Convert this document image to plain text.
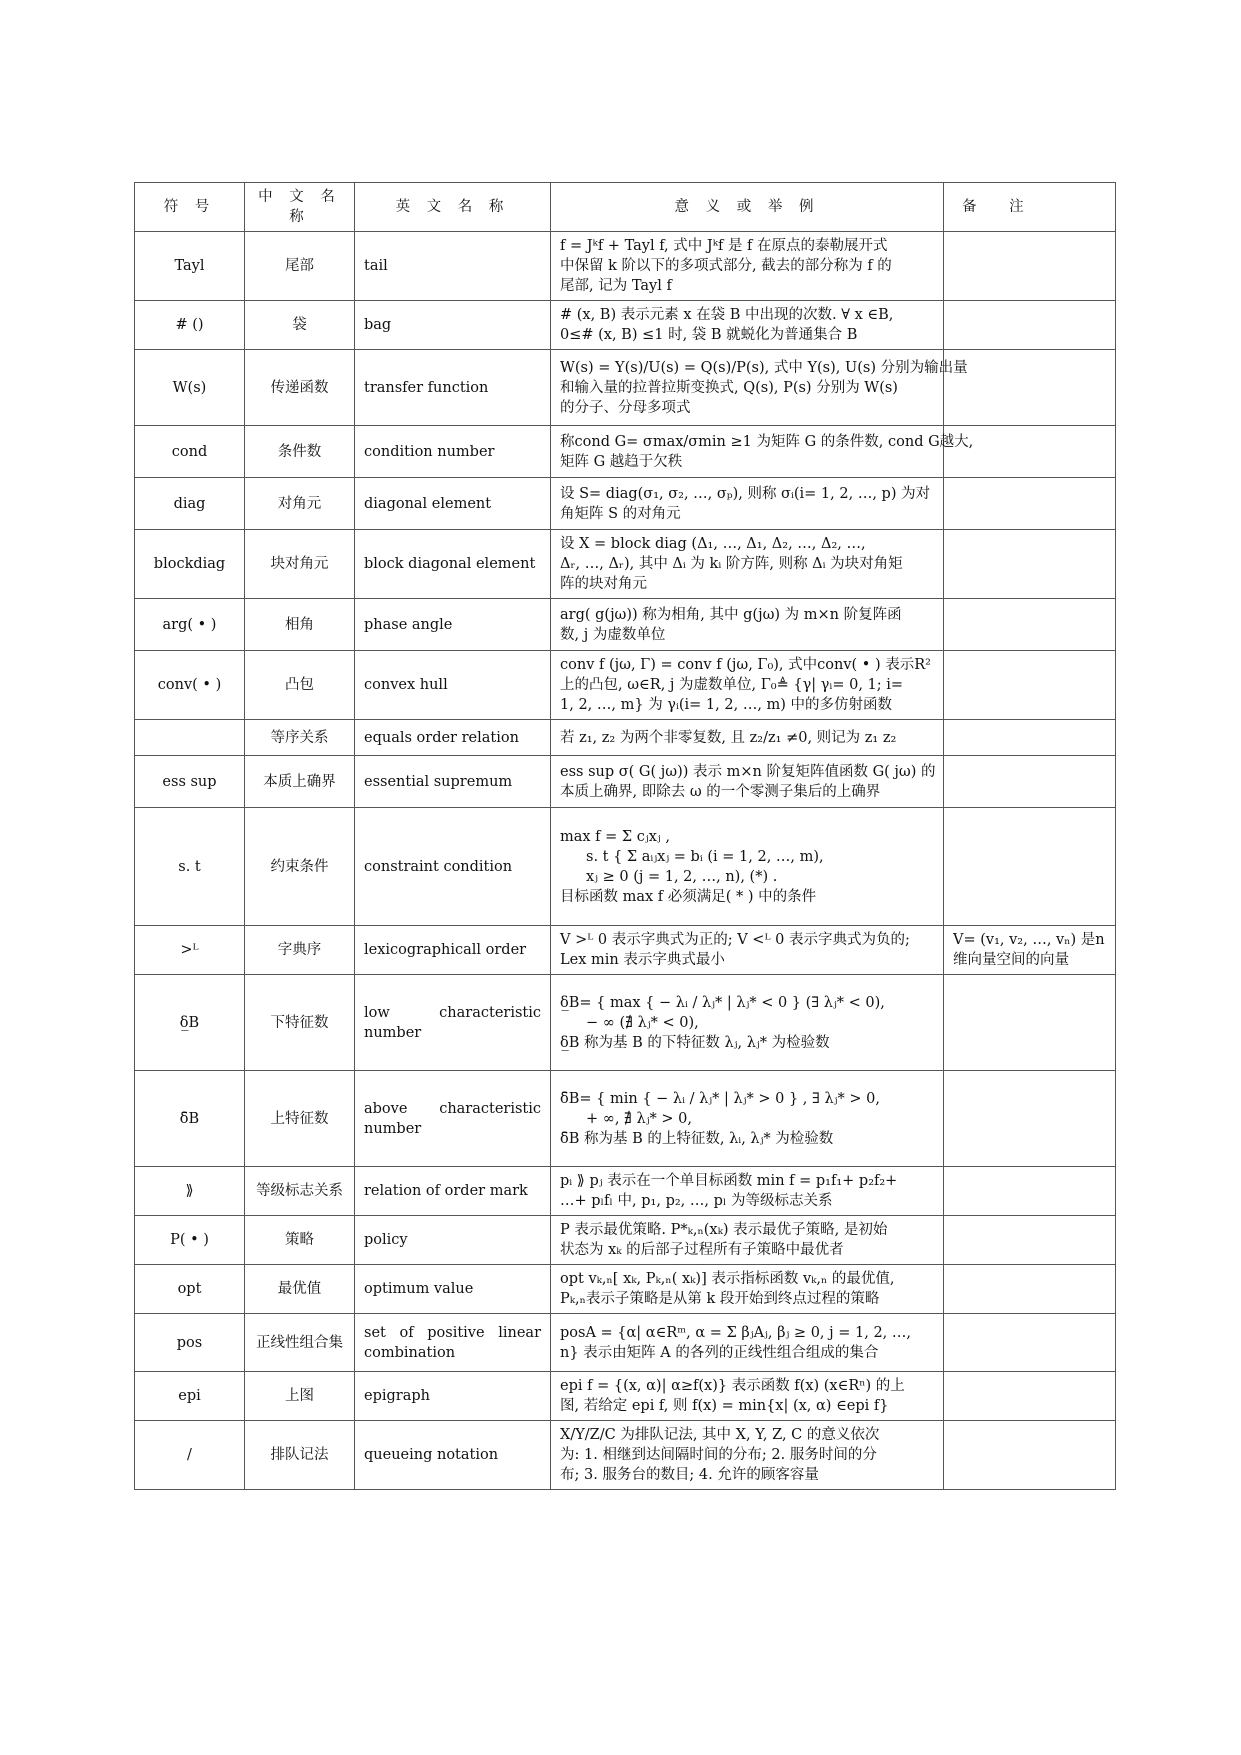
符 号	中 文 名 称	英 文 名 称	意 义 或 举 例	备 注
Tayl	尾部	tail	f = Jᵏf + Tayl f, 式中 Jᵏf 是 f 在原点的泰勒展开式
中保留 k 阶以下的多项式部分, 截去的部分称为 f 的
尾部, 记为 Tayl f	

# ()	袋	bag	# (x, B) 表示元素 x 在袋 B 中出现的次数. ∀ x ∈B,
0≤# (x, B) ≤1 时, 袋 B 就蜕化为普通集合 B	

W(s)	传递函数	transfer function	W(s) = Y(s)/U(s) = Q(s)/P(s), 式中 Y(s), U(s) 分别为输出量
和输入量的拉普拉斯变换式, Q(s), P(s) 分别为 W(s)
的分子、分母多项式	

cond	条件数	condition number	称cond G= σmax/σmin ≥1 为矩阵 G 的条件数, cond G越大,
矩阵 G 越趋于欠秩	

diag	对角元	diagonal element	设 S= diag(σ₁, σ₂, …, σₚ), 则称 σᵢ(i= 1, 2, …, p) 为对
角矩阵 S 的对角元	

blockdiag	块对角元	block diagonal element	设 X = block diag (Δ₁, …, Δ₁, Δ₂, …, Δ₂, …,
Δᵣ, …, Δᵣ), 其中 Δᵢ 为 kᵢ 阶方阵, 则称 Δᵢ 为块对角矩
阵的块对角元	

arg( • )	相角	phase angle	arg( g(jω)) 称为相角, 其中 g(jω) 为 m×n 阶复阵函
数, j 为虚数单位	

conv( • )	凸包	convex hull	conv f (jω, Γ) = conv f (jω, Γ₀), 式中conv( • ) 表示R²
上的凸包, ω∈R, j 为虚数单位, Γ₀≜ {γ| γᵢ= 0, 1; i=
1, 2, …, m} 为 γᵢ(i= 1, 2, …, m) 中的多仿射函数	

	等序关系	equals order relation	若 z₁, z₂ 为两个非零复数, 且 z₂/z₁ ≠0, 则记为 z₁ z₂	

ess sup	本质上确界	essential supremum	ess sup σ( G( jω)) 表示 m×n 阶复矩阵值函数 G( jω) 的
本质上确界, 即除去 ω 的一个零测子集后的上确界	

s. t	约束条件	constraint condition	max f = Σ cⱼxⱼ ,
s. t { Σ aᵢⱼxⱼ = bᵢ (i = 1, 2, …, m),
xⱼ ≥ 0 (j = 1, 2, …, n), (*) .
目标函数 max f 必须满足( * ) 中的条件	

>ᴸ	字典序	lexicographicall order	V >ᴸ 0 表示字典式为正的; V <ᴸ 0 表示字典式为负的;
Lex min 表示字典式最小	V= (v₁, v₂, …, vₙ) 是n 维向量空间的向量
δ̲B	下特征数	low characteristic number	δ̲B= { max { − λᵢ / λⱼ* | λⱼ* < 0 } (∃ λⱼ* < 0),
− ∞ (∄ λⱼ* < 0),
δ̲B 称为基 B 的下特征数 λⱼ, λⱼ* 为检验数	

δ̄B	上特征数	above characteristic number	δ̄B= { min { − λᵢ / λⱼ* | λⱼ* > 0 } , ∃ λⱼ* > 0,
+ ∞, ∄ λⱼ* > 0,
δ̄B 称为基 B 的上特征数, λᵢ, λⱼ* 为检验数	

⟫	等级标志关系	relation of order mark	pᵢ ⟫ pⱼ 表示在一个单目标函数 min f = p₁f₁+ p₂f₂+
…+ pₗfₗ 中, p₁, p₂, …, pₗ 为等级标志关系	

P( • )	策略	policy	P 表示最优策略. P*ₖ,ₙ(xₖ) 表示最优子策略, 是初始
状态为 xₖ 的后部子过程所有子策略中最优者	

opt	最优值	optimum value	opt vₖ,ₙ[ xₖ, Pₖ,ₙ( xₖ)] 表示指标函数 vₖ,ₙ 的最优值,
Pₖ,ₙ表示子策略是从第 k 段开始到终点过程的策略	

pos	正线性组合集	set of positive linear combination	posA = {α| α∈Rᵐ, α = Σ βⱼAⱼ, βⱼ ≥ 0, j = 1, 2, …,
n} 表示由矩阵 A 的各列的正线性组合组成的集合	

epi	上图	epigraph	epi f = {(x, α)| α≥f(x)} 表示函数 f(x) (x∈Rⁿ) 的上
图, 若给定 epi f, 则 f(x) = min{x| (x, α) ∈epi f}	

/	排队记法	queueing notation	X/Y/Z/C 为排队记法, 其中 X, Y, Z, C 的意义依次
为: 1. 相继到达间隔时间的分布; 2. 服务时间的分
布; 3. 服务台的数目; 4. 允许的顾客容量	
